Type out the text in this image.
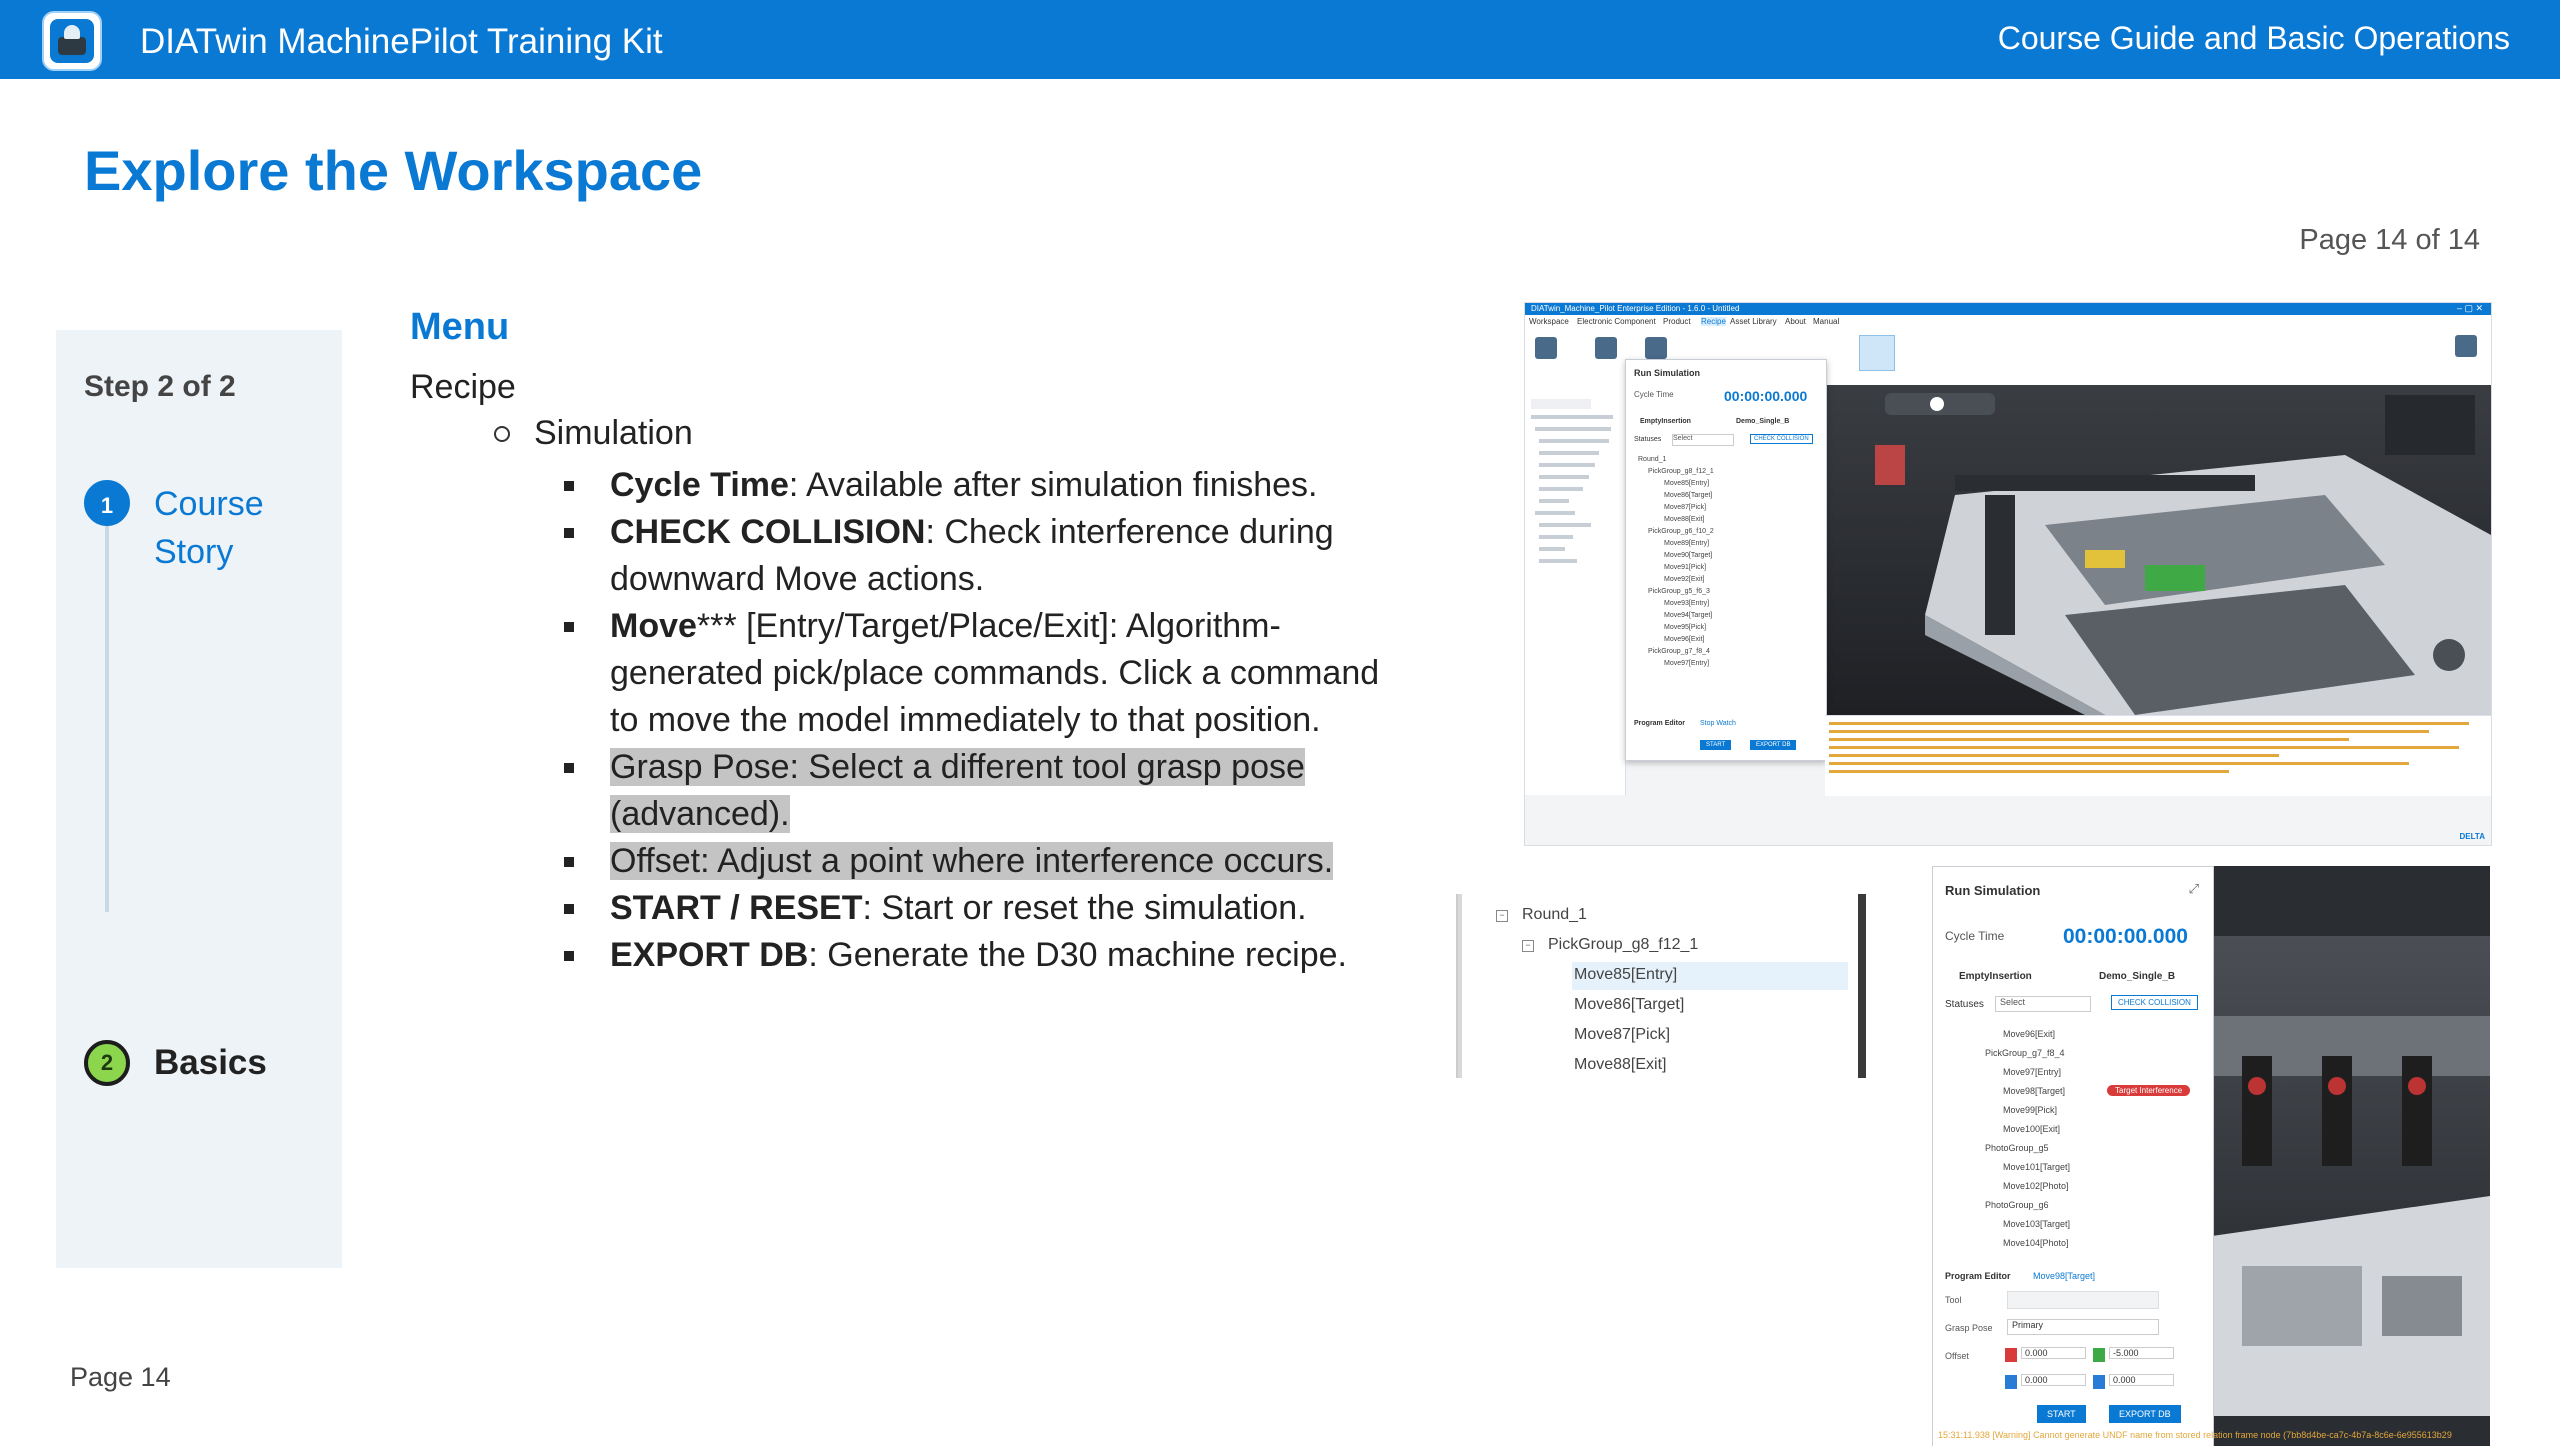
DIATwin MachinePilot Training Kit	Course Guide and Basic Operations
Explore the Workspace
Page 14 of 14
Step 2 of 2
1	Course Story
2	Basics
Menu
Recipe
Simulation
Cycle Time: Available after simulation finishes.
CHECK COLLISION: Check interference during downward Move actions.
Move*** [Entry/Target/Place/Exit]: Algorithm-generated pick/place commands. Click a command to move the model immediately to that position.
Grasp Pose: Select a different tool grasp pose (advanced).
Offset: Adjust a point where interference occurs.
START / RESET: Start or reset the simulation.
EXPORT DB: Generate the D30 machine recipe.
DIATwin_Machine_Pilot Enterprise Edition - 1.6.0 - Untitled	– ▢ ✕
Workspace Electronic Component Product Recipe Asset Library About Manual
Run Simulation
Cycle Time	00:00:00.000
EmptyInsertion	Demo_Single_B
Statuses Select	CHECK COLLISION
Round_1
PickGroup_g8_f12_1
Move85[Entry]
Move86[Target]
Move87[Pick]
Move88[Exit]
PickGroup_g6_f10_2
Move89[Entry]
Move90[Target]
Move91[Pick]
Move92[Exit]
PickGroup_g5_f6_3
Move93[Entry]
Move94[Target]
Move95[Pick]
Move96[Exit]
PickGroup_g7_f8_4
Move97[Entry]
Program Editor Stop Watch
START	EXPORT DB
DELTA
− Round_1
− PickGroup_g8_f12_1
Move85[Entry]
Move86[Target]
Move87[Pick]
Move88[Exit]
Run Simulation	⤢
Cycle Time	00:00:00.000
EmptyInsertion	Demo_Single_B
Statuses	Select	CHECK COLLISION
Move96[Exit]
PickGroup_g7_f8_4
Move97[Entry]
Move98[Target]
Move99[Pick]
Move100[Exit]
PhotoGroup_g5
Move101[Target]
Move102[Photo]
PhotoGroup_g6
Move103[Target]
Move104[Photo]
Target Interference
Program Editor Move98[Target]
Tool
Grasp Pose	Primary
Offset	0.000	-5.000
0.000	0.000
START	EXPORT DB
15:31:11.938 [Warning] Cannot generate UNDF name from stored relation frame node (7bb8d4be-ca7c-4b7a-8c6e-6e955613b29
Page 14
